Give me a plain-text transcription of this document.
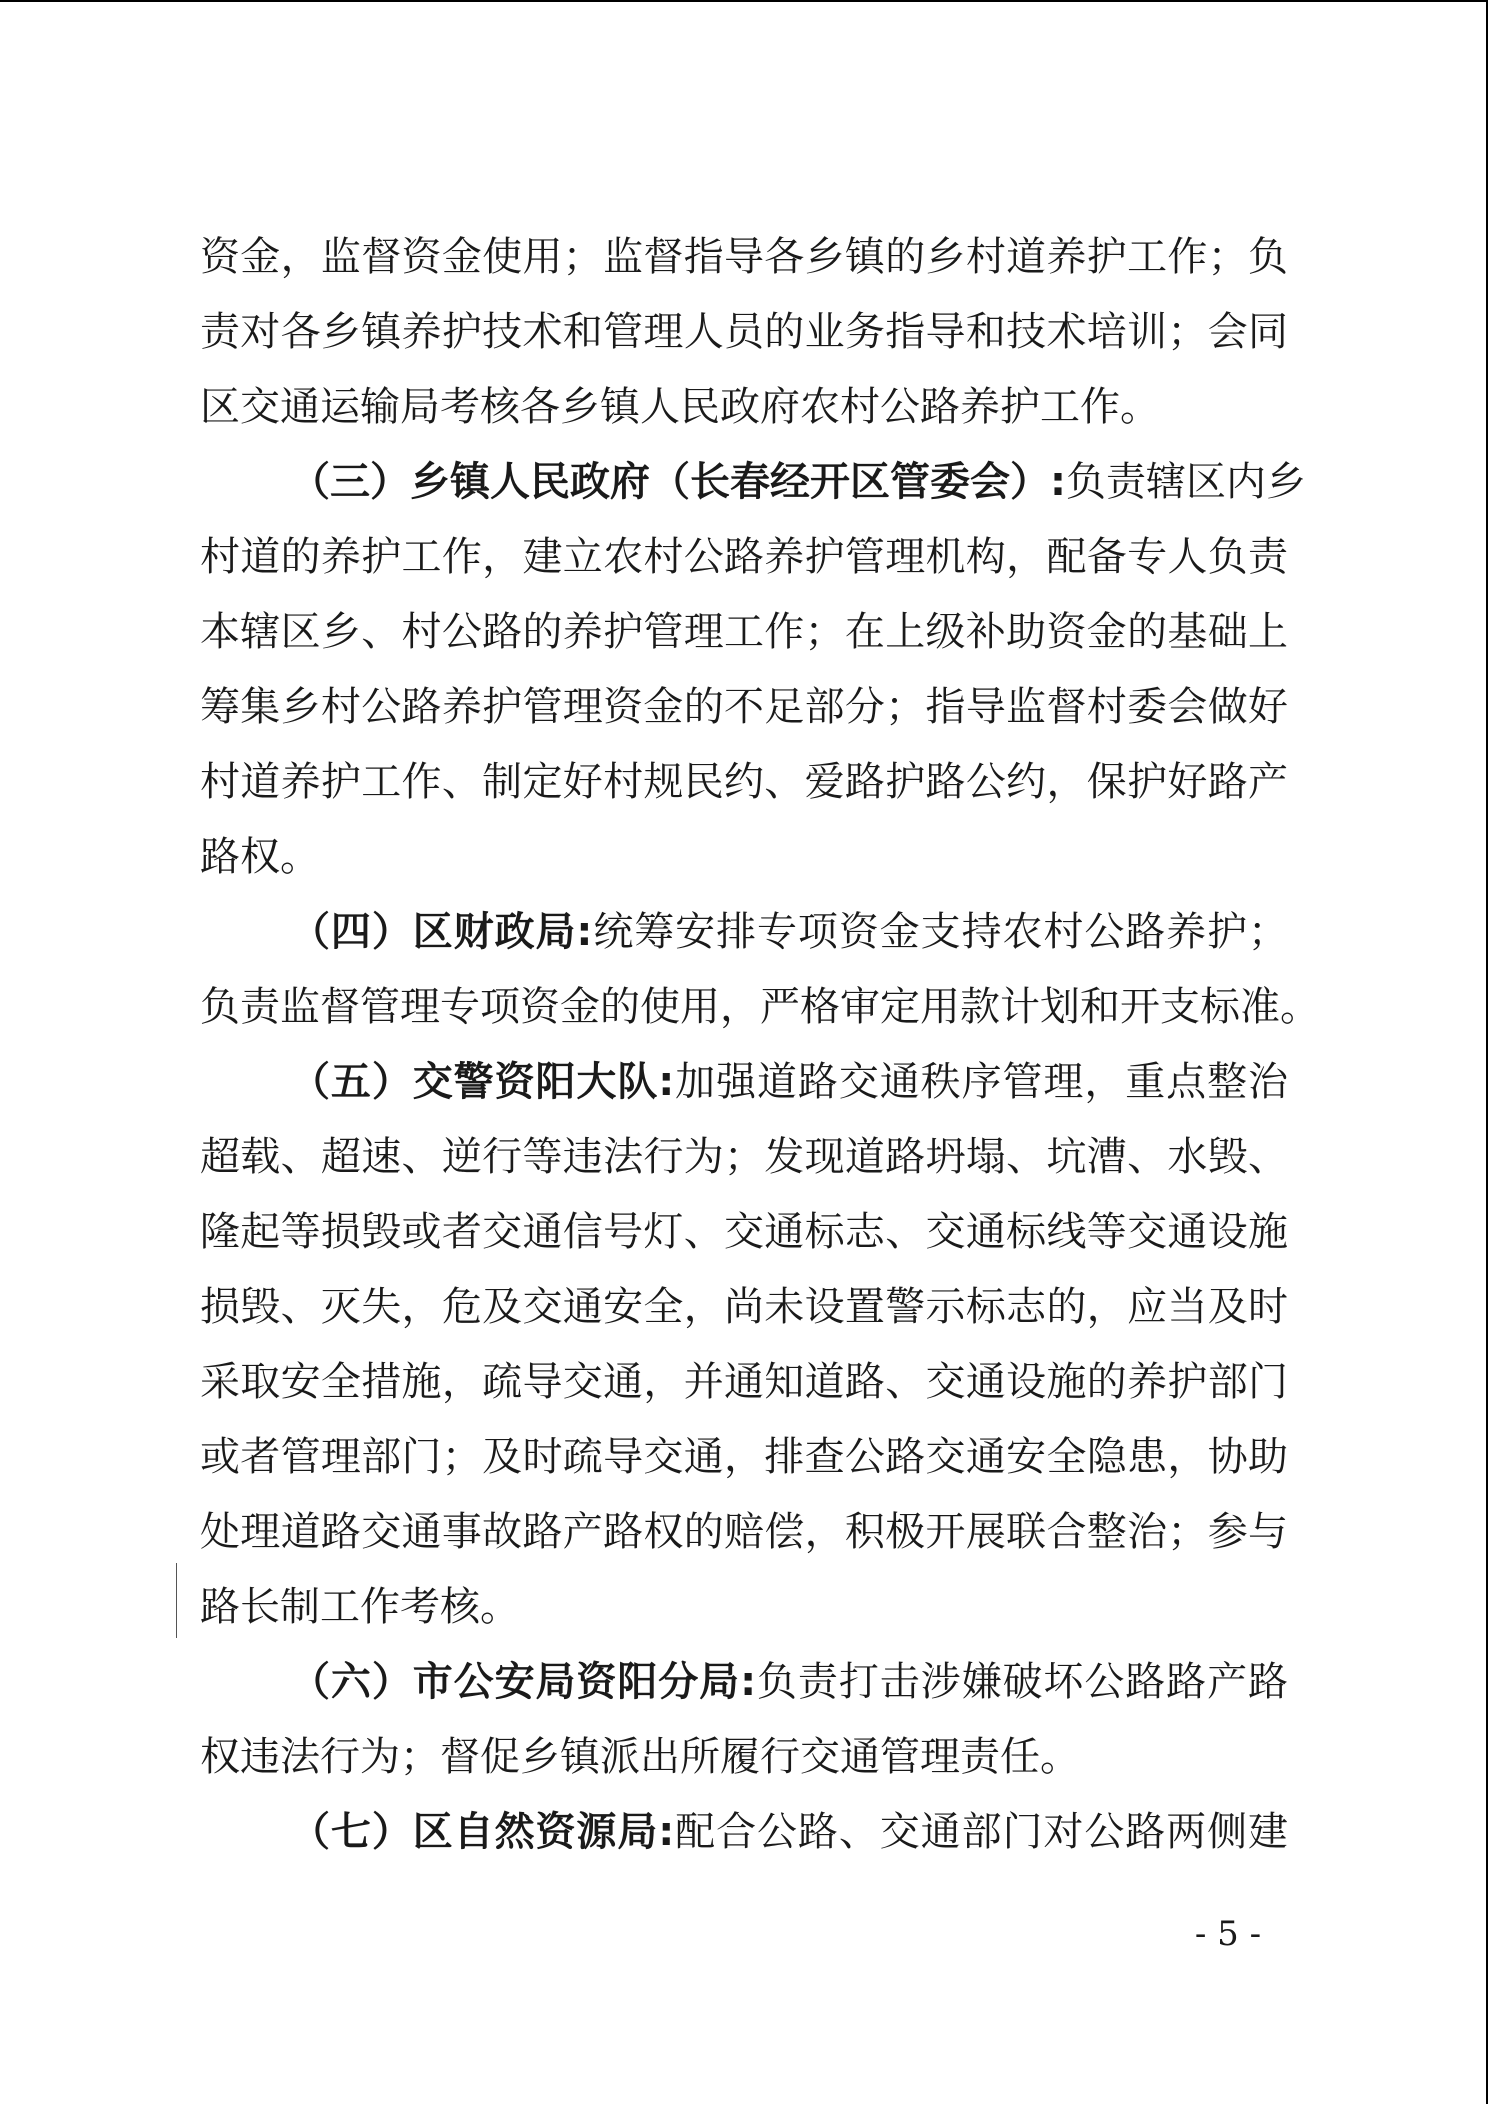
资金，监督资金使用；监督指导各乡镇的乡村道养护工作；负
责对各乡镇养护技术和管理人员的业务指导和技术培训；会同
区交通运输局考核各乡镇人民政府农村公路养护工作。
（三）乡镇人民政府（长春经开区管委会）:负责辖区内乡
村道的养护工作，建立农村公路养护管理机构，配备专人负责
本辖区乡、村公路的养护管理工作；在上级补助资金的基础上
筹集乡村公路养护管理资金的不足部分；指导监督村委会做好
村道养护工作、制定好村规民约、爱路护路公约，保护好路产
路权。
（四）区财政局:统筹安排专项资金支持农村公路养护；
负责监督管理专项资金的使用，严格审定用款计划和开支标准。
（五）交警资阳大队:加强道路交通秩序管理，重点整治
超载、超速、逆行等违法行为；发现道路坍塌、坑漕、水毁、
隆起等损毁或者交通信号灯、交通标志、交通标线等交通设施
损毁、灭失，危及交通安全，尚未设置警示标志的，应当及时
采取安全措施，疏导交通，并通知道路、交通设施的养护部门
或者管理部门；及时疏导交通，排查公路交通安全隐患，协助
处理道路交通事故路产路权的赔偿，积极开展联合整治；参与
路长制工作考核。
（六）市公安局资阳分局:负责打击涉嫌破坏公路路产路
权违法行为；督促乡镇派出所履行交通管理责任。
（七）区自然资源局:配合公路、交通部门对公路两侧建
- 5 -
